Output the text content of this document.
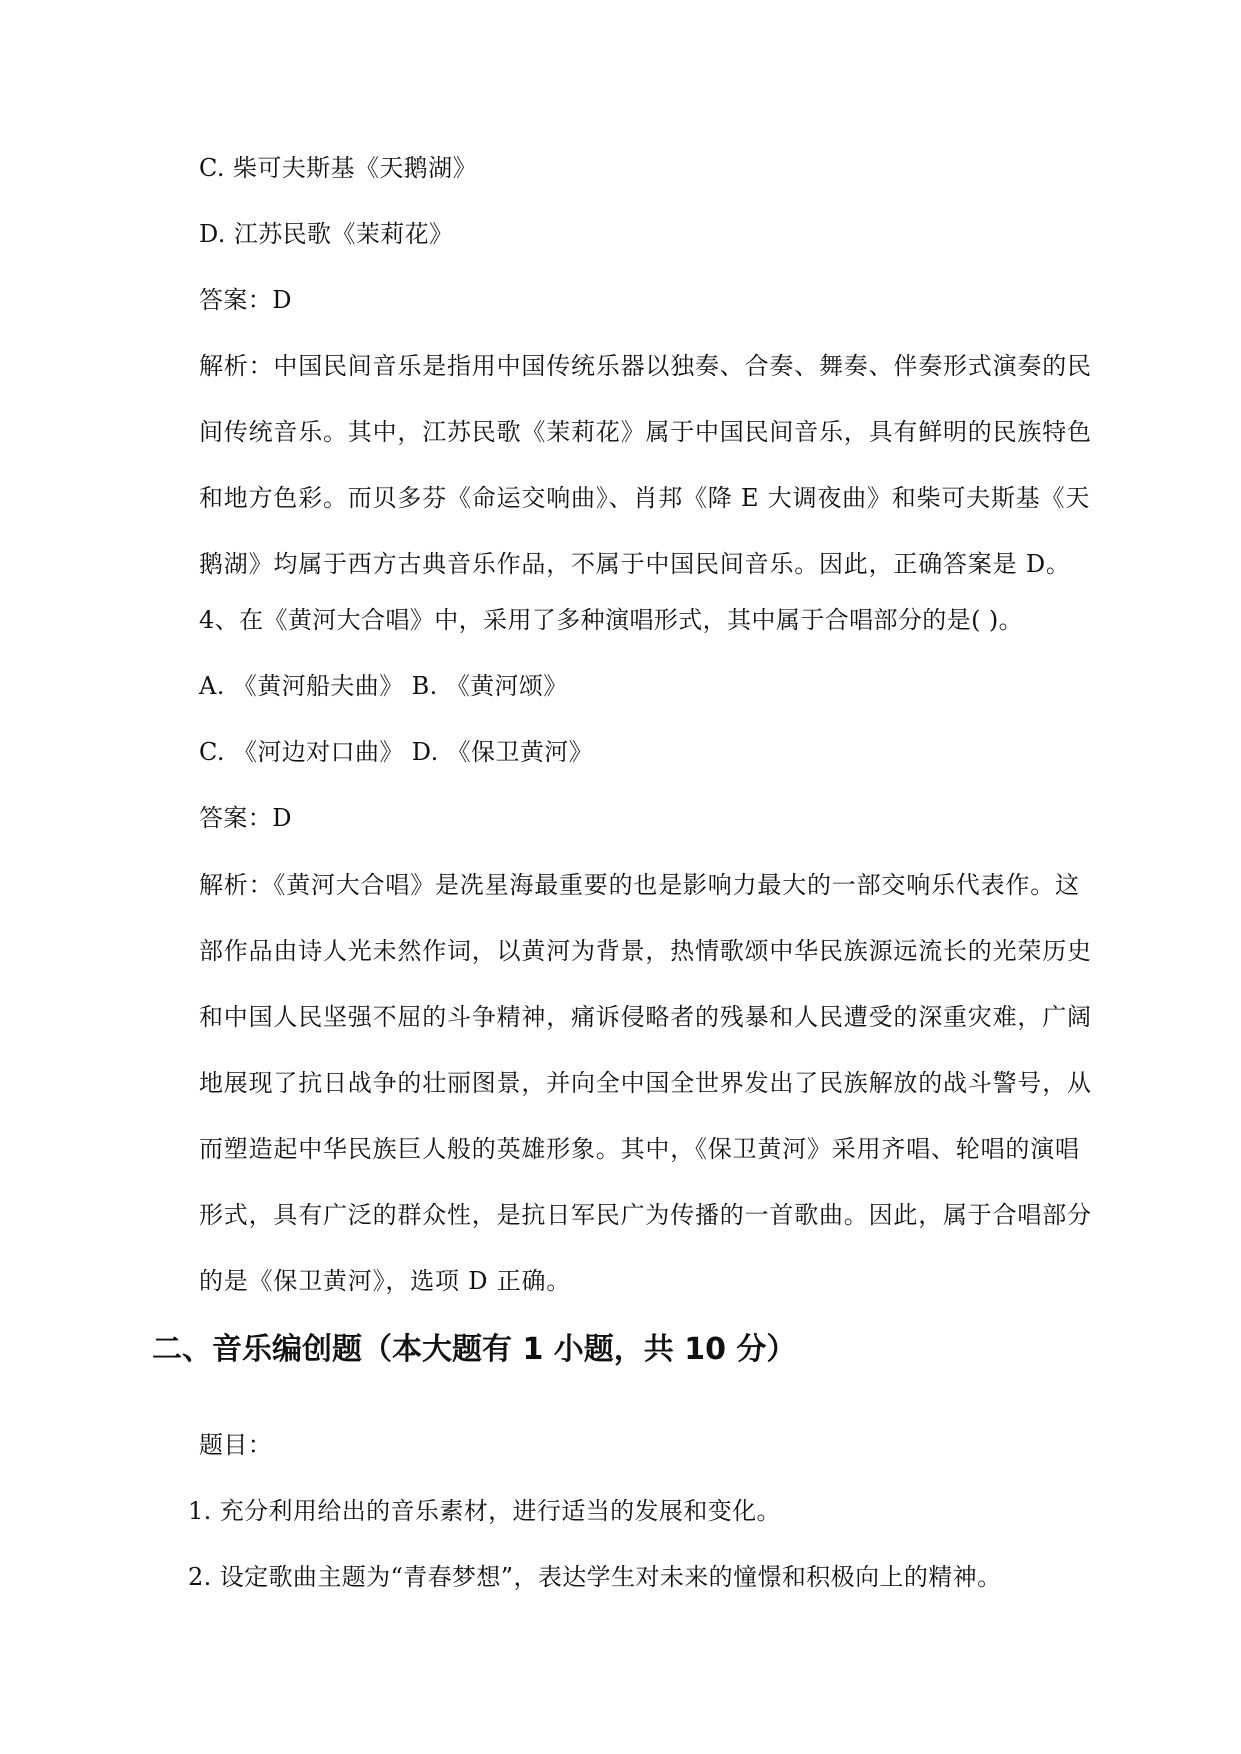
C. 柴可夫斯基《天鹅湖》
D. 江苏民歌《茉莉花》
答案：D
解析：中国民间音乐是指用中国传统乐器以独奏、合奏、舞奏、伴奏形式演奏的民间传统音乐。其中，江苏民歌《茉莉花》属于中国民间音乐，具有鲜明的民族特色和地方色彩。而贝多芬《命运交响曲》、肖邦《降 E 大调夜曲》和柴可夫斯基《天鹅湖》均属于西方古典音乐作品，不属于中国民间音乐。因此，正确答案是 D。
4、在《黄河大合唱》中，采用了多种演唱形式，其中属于合唱部分的是( )。
A. 《黄河船夫曲》 B. 《黄河颂》
C. 《河边对口曲》 D. 《保卫黄河》
答案：D
解析：《黄河大合唱》是冼星海最重要的也是影响力最大的一部交响乐代表作。这部作品由诗人光未然作词，以黄河为背景，热情歌颂中华民族源远流长的光荣历史和中国人民坚强不屈的斗争精神，痛诉侵略者的残暴和人民遭受的深重灾难，广阔地展现了抗日战争的壮丽图景，并向全中国全世界发出了民族解放的战斗警号，从而塑造起中华民族巨人般的英雄形象。其中，《保卫黄河》采用齐唱、轮唱的演唱形式，具有广泛的群众性，是抗日军民广为传播的一首歌曲。因此，属于合唱部分的是《保卫黄河》，选项 D 正确。
二、音乐编创题（本大题有 1 小题，共 10 分）
题目：
1. 充分利用给出的音乐素材，进行适当的发展和变化。
2. 设定歌曲主题为“青春梦想”，表达学生对未来的憧憬和积极向上的精神。
